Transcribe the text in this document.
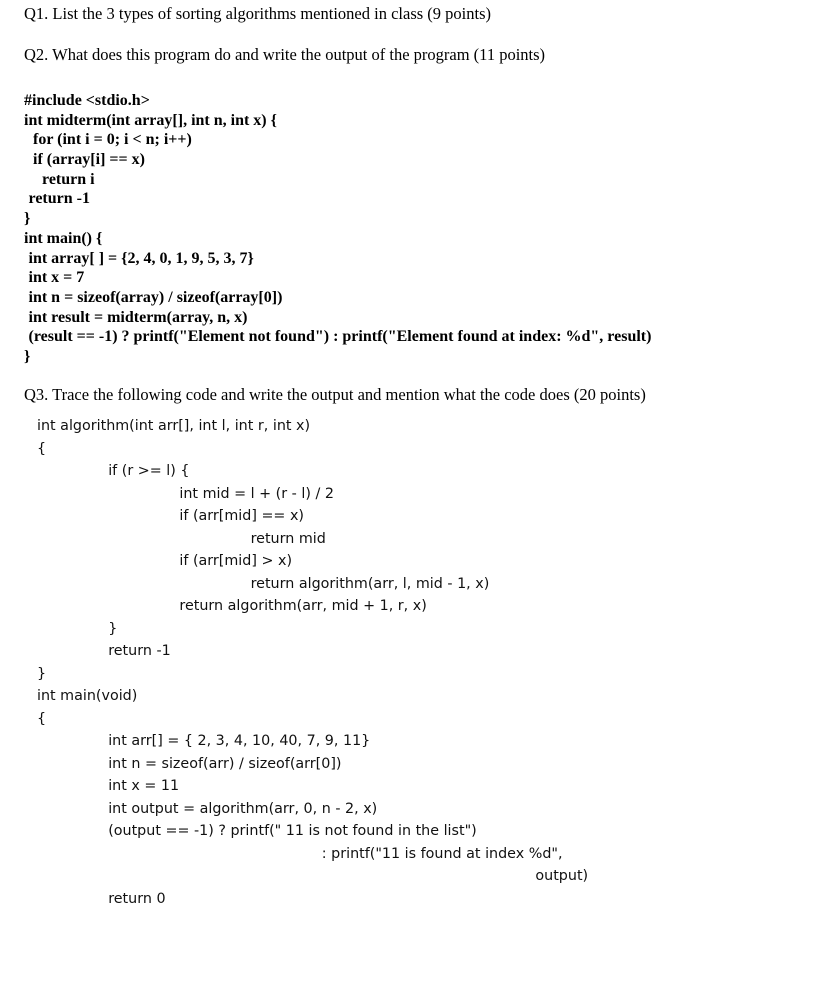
Q1. List the 3 types of sorting algorithms mentioned in class (9 points)
Q2. What does this program do and write the output of the program (11 points)
#include <stdio.h>
int midterm(int array[], int n, int x) {
for (int i = 0; i < n; i++)
if (array[i] == x)
return i
return -1
}
int main() {
int array[ ] = {2, 4, 0, 1, 9, 5, 3, 7}
int x = 7
int n = sizeof(array) / sizeof(array[0])
int result = midterm(array, n, x)
(result == -1) ? printf("Element not found") : printf("Element found at index: %d", result)
}
Q3. Trace the following code and write the output and mention what the code does (20 points)
int algorithm(int arr[], int l, int r, int x)
{
if (r >= l) {
int mid = l + (r - l) / 2
if (arr[mid] == x)
return mid
if (arr[mid] > x)
return algorithm(arr, l, mid - 1, x)
return algorithm(arr, mid + 1, r, x)
}
return -1
}
int main(void)
{
int arr[] = { 2, 3, 4, 10, 40, 7, 9, 11}
int n = sizeof(arr) / sizeof(arr[0])
int x = 11
int output = algorithm(arr, 0, n - 2, x)
(output == -1) ? printf(" 11 is not found in the list")
: printf("11 is found at index %d",
output)
return 0
